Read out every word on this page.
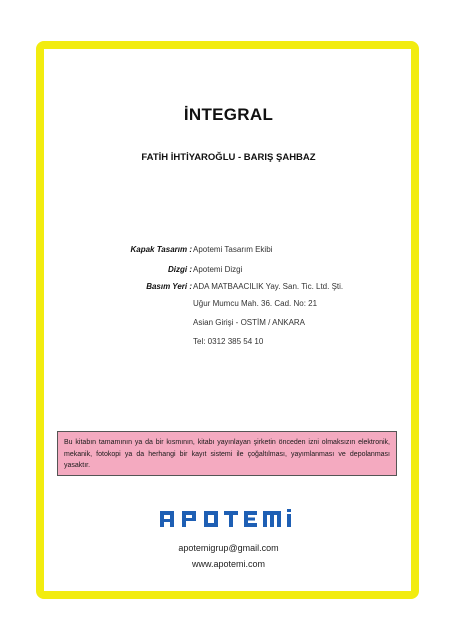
İNTEGRAL
FATİH İHTİYAROĞLU - BARIŞ ŞAHBAZ
Kapak Tasarım : Apotemi Tasarım Ekibi
Dizgi : Apotemi Dizgi
Basım Yeri : ADA MATBAACILIK Yay. San. Tic. Ltd. Şti.
Uğur Mumcu Mah. 36. Cad. No: 21
Asian Girişi - OSTİM / ANKARA
Tel: 0312 385 54 10
Bu kitabın tamamının ya da bir kısmının, kitabı yayınlayan şirketin önceden izni olmaksızın elektronik, mekanik, fotokopi ya da herhangi bir kayıt sistemi ile çoğaltılması, yayımlanması ve depolanması yasaktır.
APOTEMİ
apotemigrup@gmail.com
www.apotemi.com
